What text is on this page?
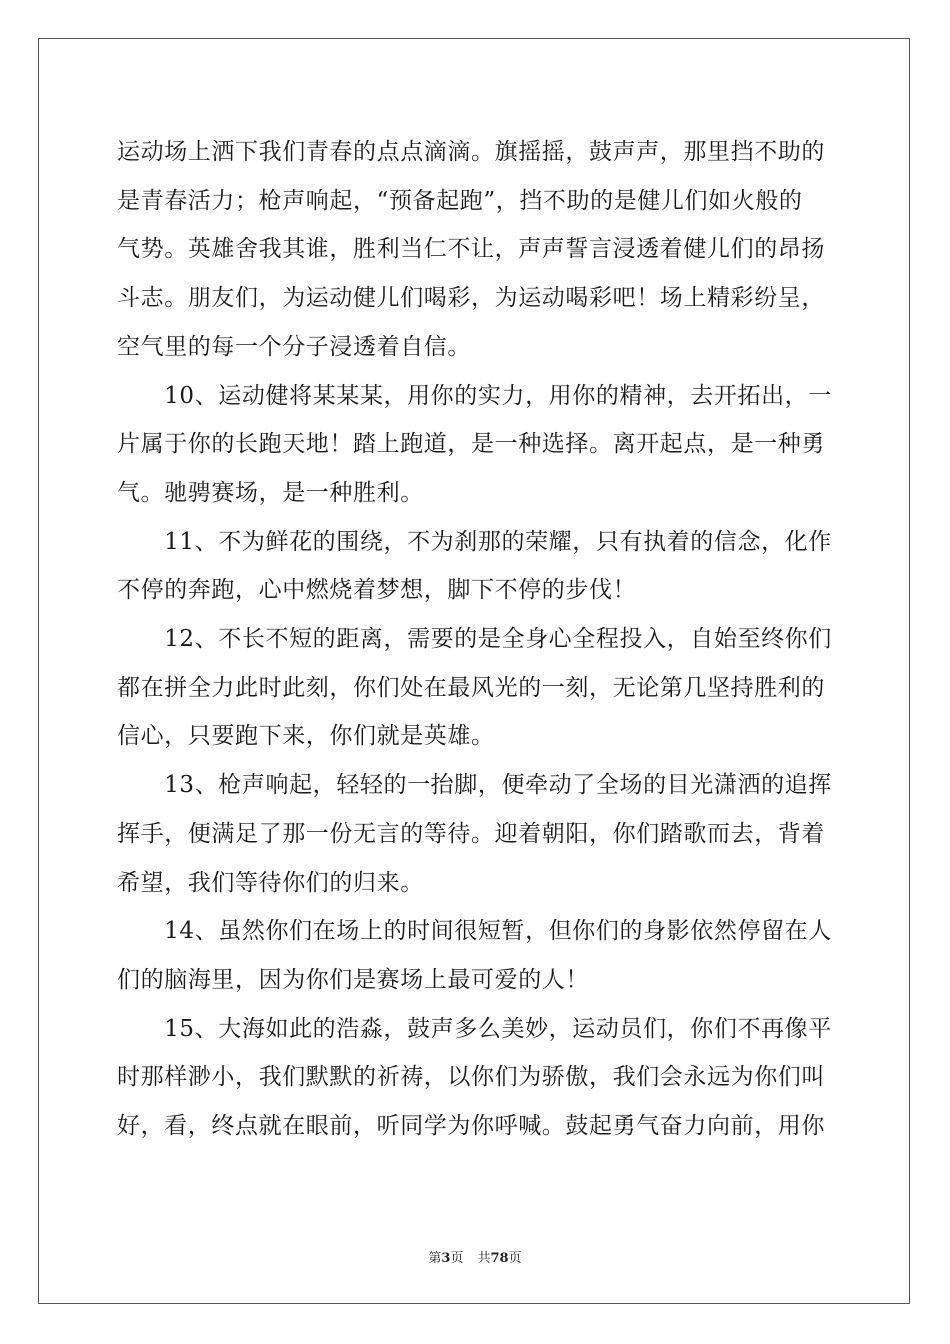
运动场上洒下我们青春的点点滴滴。旗摇摇，鼓声声，那里挡不助的
是青春活力；枪声响起，“预备起跑”，挡不助的是健儿们如火般的
气势。英雄舍我其谁，胜利当仁不让，声声誓言浸透着健儿们的昂扬
斗志。朋友们，为运动健儿们喝彩，为运动喝彩吧！场上精彩纷呈，
空气里的每一个分子浸透着自信。
　　10、运动健将某某某，用你的实力，用你的精神，去开拓出，一
片属于你的长跑天地！踏上跑道，是一种选择。离开起点，是一种勇
气。驰骋赛场，是一种胜利。
　　11、不为鲜花的围绕，不为刹那的荣耀，只有执着的信念，化作
不停的奔跑，心中燃烧着梦想，脚下不停的步伐！
　　12、不长不短的距离，需要的是全身心全程投入，自始至终你们
都在拼全力此时此刻，你们处在最风光的一刻，无论第几坚持胜利的
信心，只要跑下来，你们就是英雄。
　　13、枪声响起，轻轻的一抬脚，便牵动了全场的目光潇洒的追挥
挥手，便满足了那一份无言的等待。迎着朝阳，你们踏歌而去，背着
希望，我们等待你们的归来。
　　14、虽然你们在场上的时间很短暂，但你们的身影依然停留在人
们的脑海里，因为你们是赛场上最可爱的人！
　　15、大海如此的浩淼，鼓声多么美妙，运动员们，你们不再像平
时那样渺小，我们默默的祈祷，以你们为骄傲，我们会永远为你们叫
好，看，终点就在眼前，听同学为你呼喊。鼓起勇气奋力向前，用你
第3页 共78页
